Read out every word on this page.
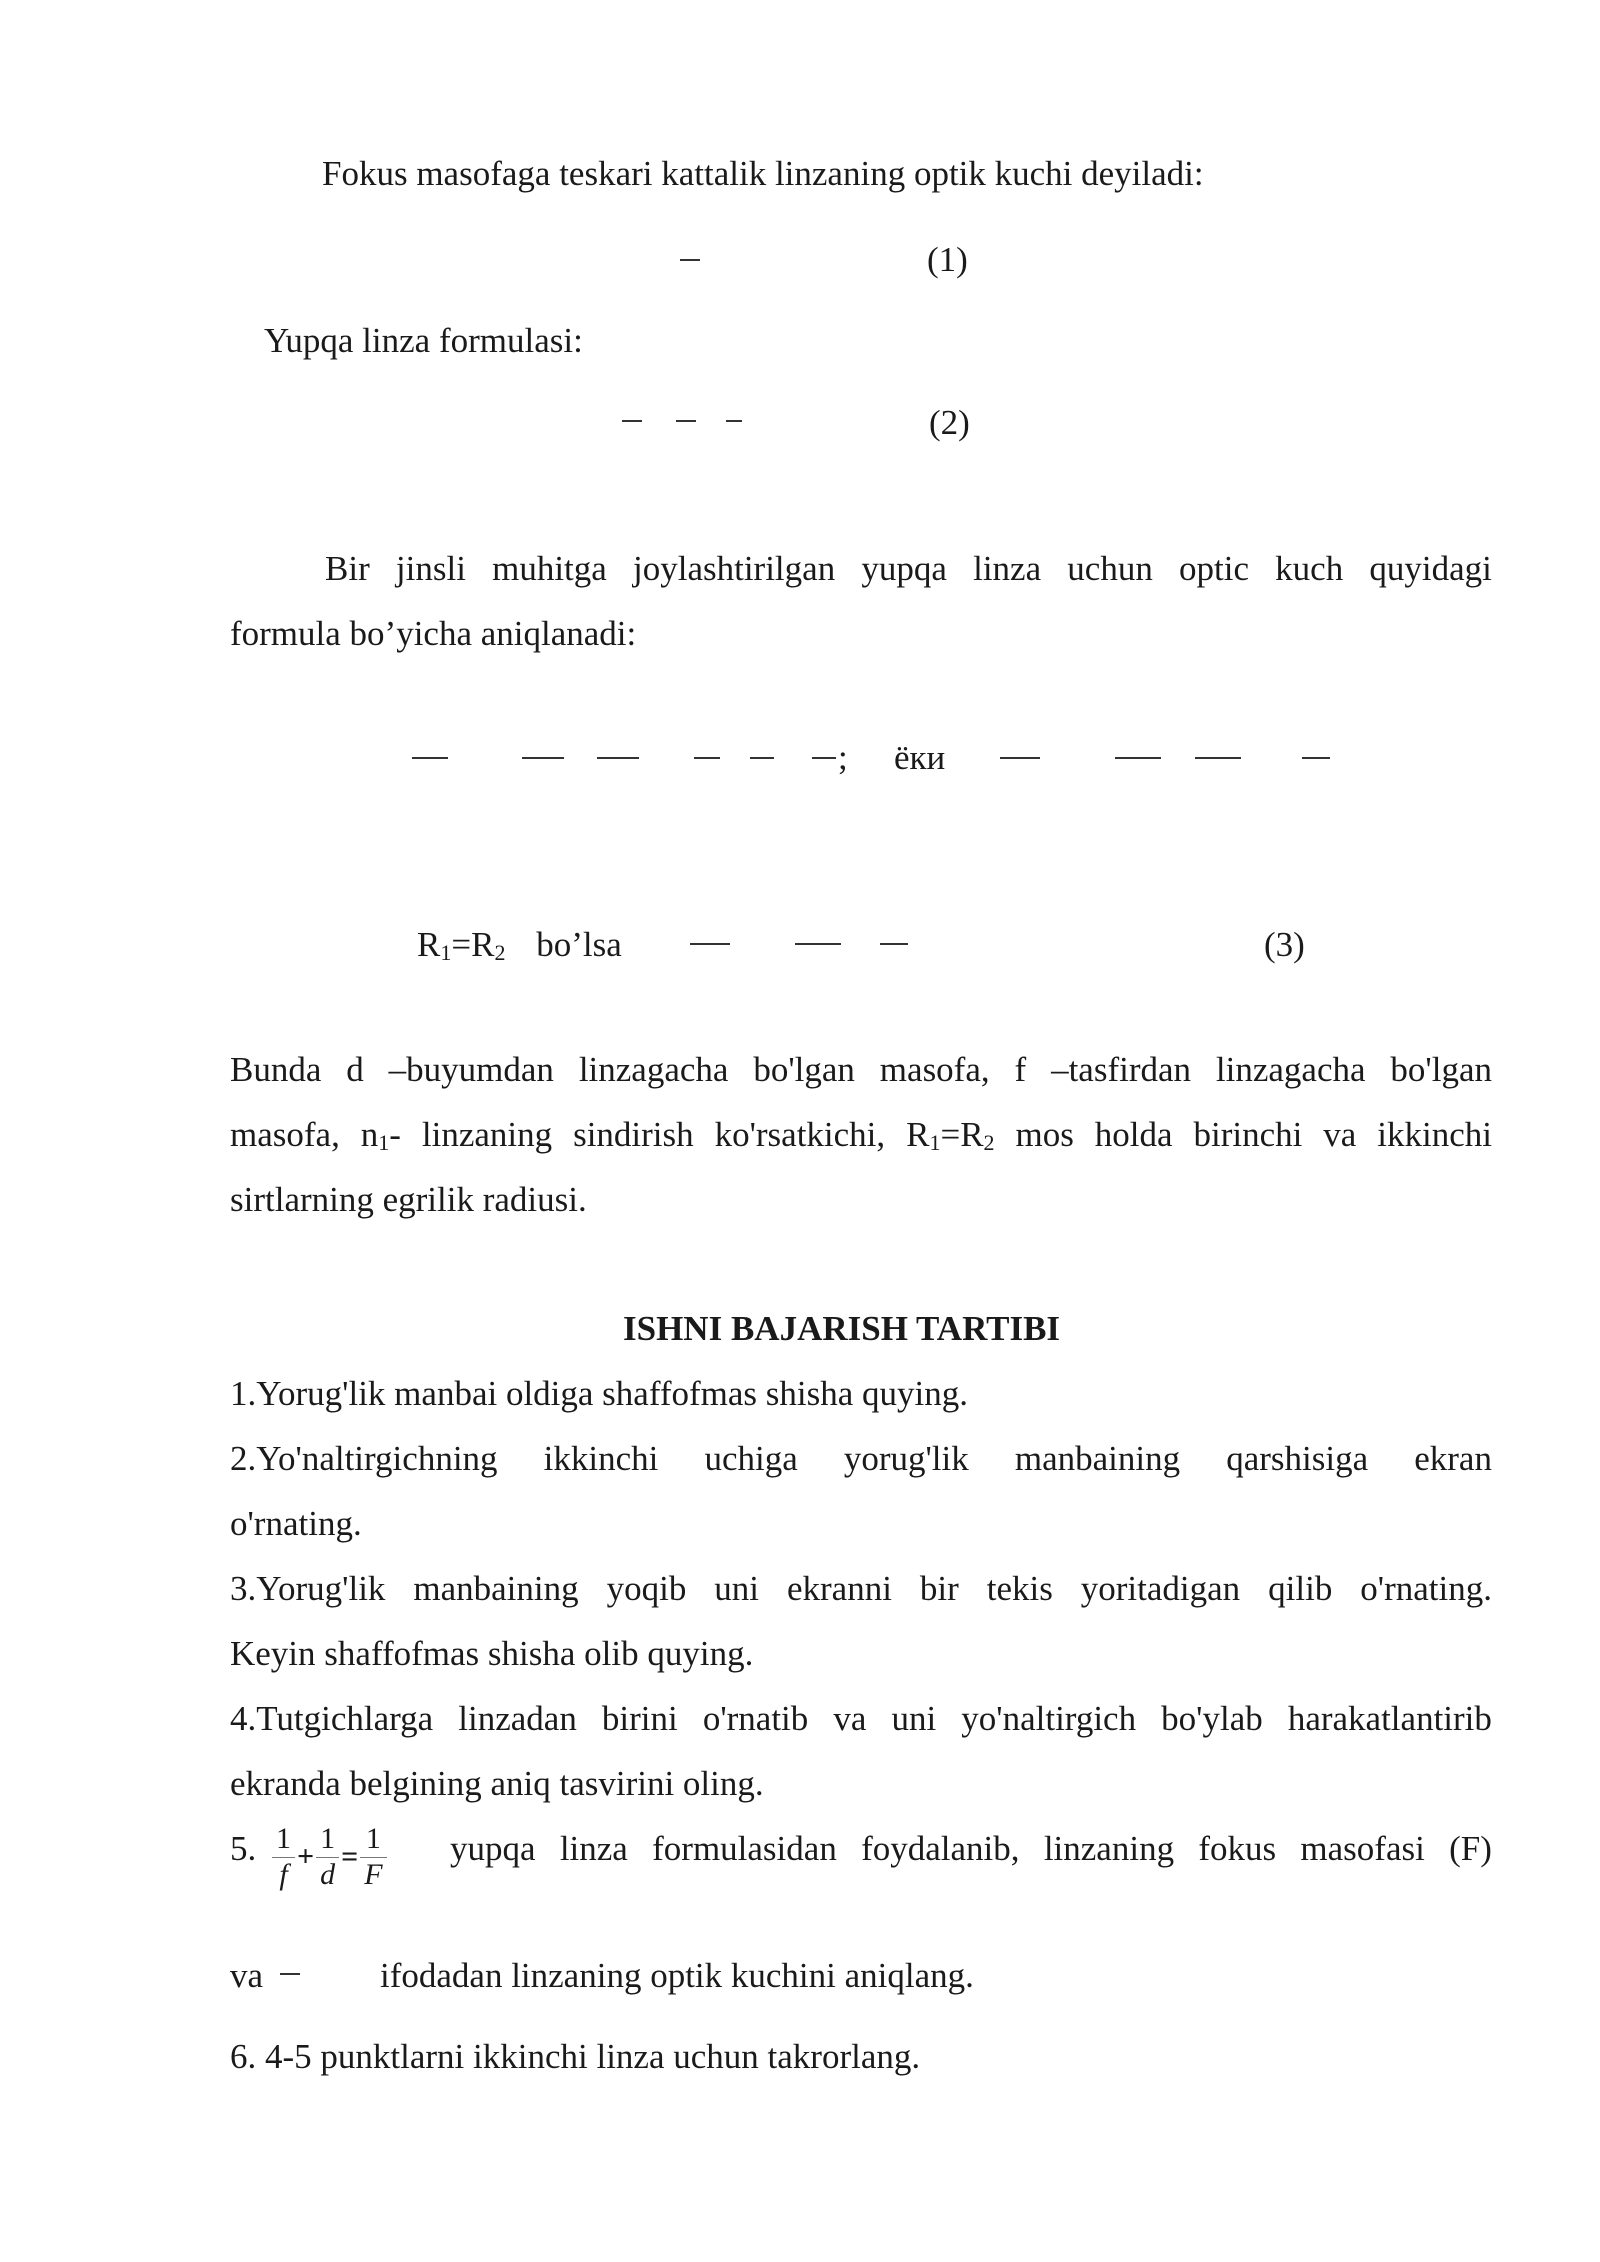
Fokus masofaga teskari kattalik linzaning optik kuchi deyiladi:
(1)
Yupqa linza formulasi:
(2)
Bir jinsli muhitga joylashtirilgan yupqa linza uchun optic kuch quyidagi
formula bo’yicha aniqlanadi:
; ёки
$R_1=R_2$ bo’lsa	(3)
Bunda d –buyumdan linzagacha bo'lgan masofa, f –tasfirdan linzagacha bo'lgan
masofa, $n_1-$ linzaning sindirish ko'rsatkichi, $R_1=R_2$ mos holda birinchi va ikkinchi
sirtlarning egrilik radiusi.
ISHNI BAJARISH TARTIBI
1.Yorug'lik manbai oldiga shaffofmas shisha quying.
2.Yo'naltirgichning ikkinchi uchiga yorug'lik manbaining qarshisiga ekran
o'rnating.
3.Yorug'lik manbaining yoqib uni ekranni bir tekis yoritadigan qilib o'rnating.
Keyin shaffofmas shisha olib quying.
4.Tutgichlarga linzadan birini o'rnatib va uni yo'naltirgich bo'ylab harakatlantirib
ekranda belgining aniq tasvirini oling.
5. $\frac{1}{f} + \frac{1}{d} = \frac{1}{F}$ yupqa linza formulasidan foydalanib, linzaning fokus masofasi (F)
va	ifodadan linzaning optik kuchini aniqlang.
6. 4-5 punktlarni ikkinchi linza uchun takrorlang.
